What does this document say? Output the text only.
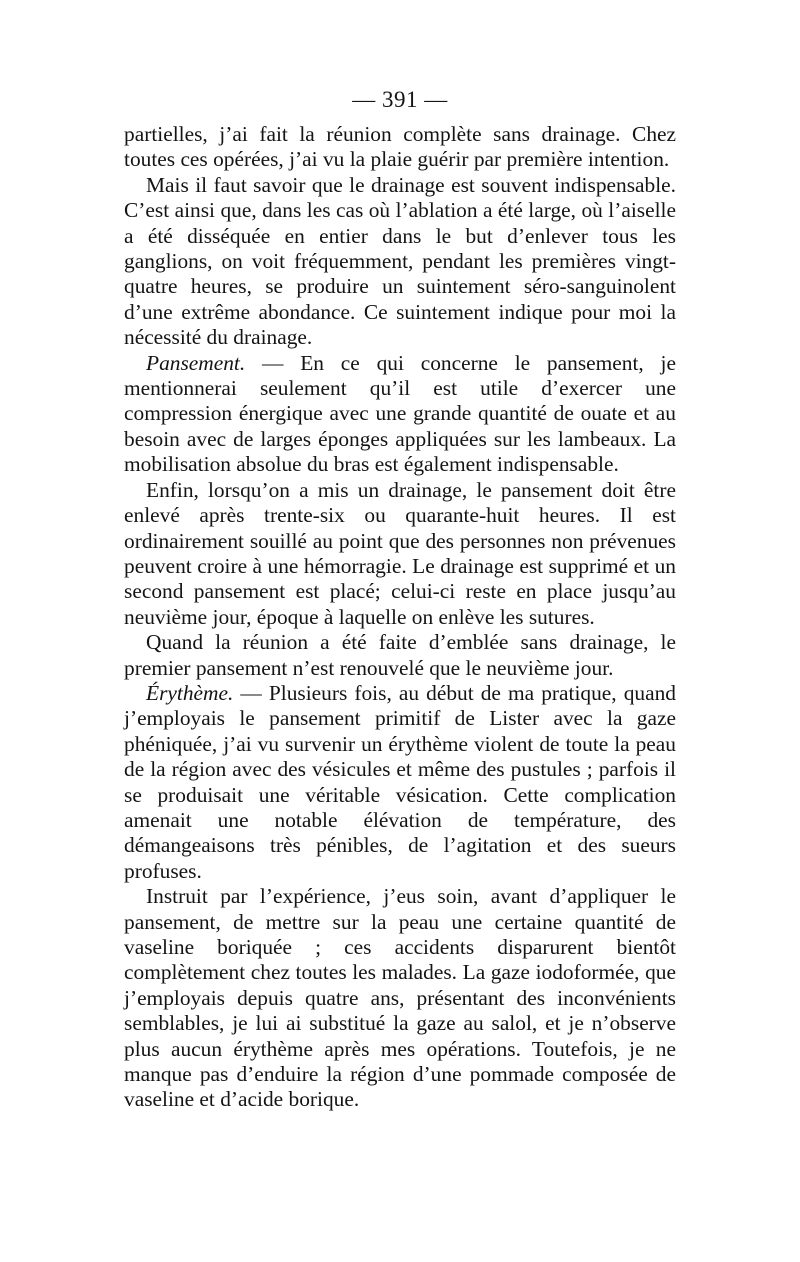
— 391 —

partielles, j’ai fait la réunion complète sans drainage. Chez toutes ces opérées, j’ai vu la plaie guérir par première intention.

Mais il faut savoir que le drainage est souvent indispensable. C’est ainsi que, dans les cas où l’ablation a été large, où l’aiselle a été disséquée en entier dans le but d’enlever tous les ganglions, on voit fréquemment, pendant les premières vingt-quatre heures, se produire un suintement séro-sanguinolent d’une extrême abondance. Ce suintement indique pour moi la nécessité du drainage.

Pansement. — En ce qui concerne le pansement, je mentionnerai seulement qu’il est utile d’exercer une compression énergique avec une grande quantité de ouate et au besoin avec de larges éponges appliquées sur les lambeaux. La mobilisation absolue du bras est également indispensable.

Enfin, lorsqu’on a mis un drainage, le pansement doit être enlevé après trente-six ou quarante-huit heures. Il est ordinairement souillé au point que des personnes non prévenues peuvent croire à une hémorragie. Le drainage est supprimé et un second pansement est placé; celui-ci reste en place jusqu’au neuvième jour, époque à laquelle on enlève les sutures.

Quand la réunion a été faite d’emblée sans drainage, le premier pansement n’est renouvelé que le neuvième jour.

Érythème. — Plusieurs fois, au début de ma pratique, quand j’employais le pansement primitif de Lister avec la gaze phéniquée, j’ai vu survenir un érythème violent de toute la peau de la région avec des vésicules et même des pustules ; parfois il se produisait une véritable vésication. Cette complication amenait une notable élévation de température, des démangeaisons très pénibles, de l’agitation et des sueurs profuses.

Instruit par l’expérience, j’eus soin, avant d’appliquer le pansement, de mettre sur la peau une certaine quantité de vaseline boriquée ; ces accidents disparurent bientôt complètement chez toutes les malades. La gaze iodoformée, que j’employais depuis quatre ans, présentant des inconvénients semblables, je lui ai substitué la gaze au salol, et je n’observe plus aucun érythème après mes opérations. Toutefois, je ne manque pas d’enduire la région d’une pommade composée de vaseline et d’acide borique.
